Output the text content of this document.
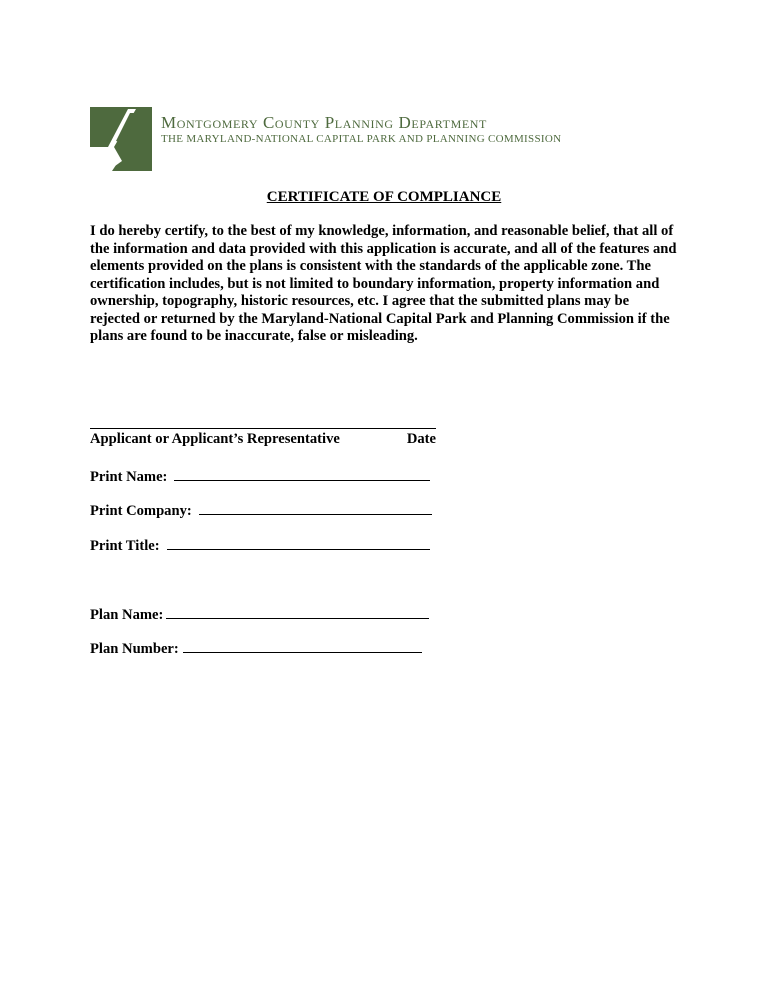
Montgomery County Planning Department
THE MARYLAND-NATIONAL CAPITAL PARK AND PLANNING COMMISSION
CERTIFICATE OF COMPLIANCE
I do hereby certify, to the best of my knowledge, information, and reasonable belief, that all of the information and data provided with this application is accurate, and all of the features and elements provided on the plans is consistent with the standards of the applicable zone. The certification includes, but is not limited to boundary information, property information and ownership, topography, historic resources, etc. I agree that the submitted plans may be rejected or returned by the Maryland-National Capital Park and Planning Commission if the plans are found to be inaccurate, false or misleading.
Applicant or Applicant’s Representative	Date
Print Name:
Print Company:
Print Title:
Plan Name:
Plan Number:
